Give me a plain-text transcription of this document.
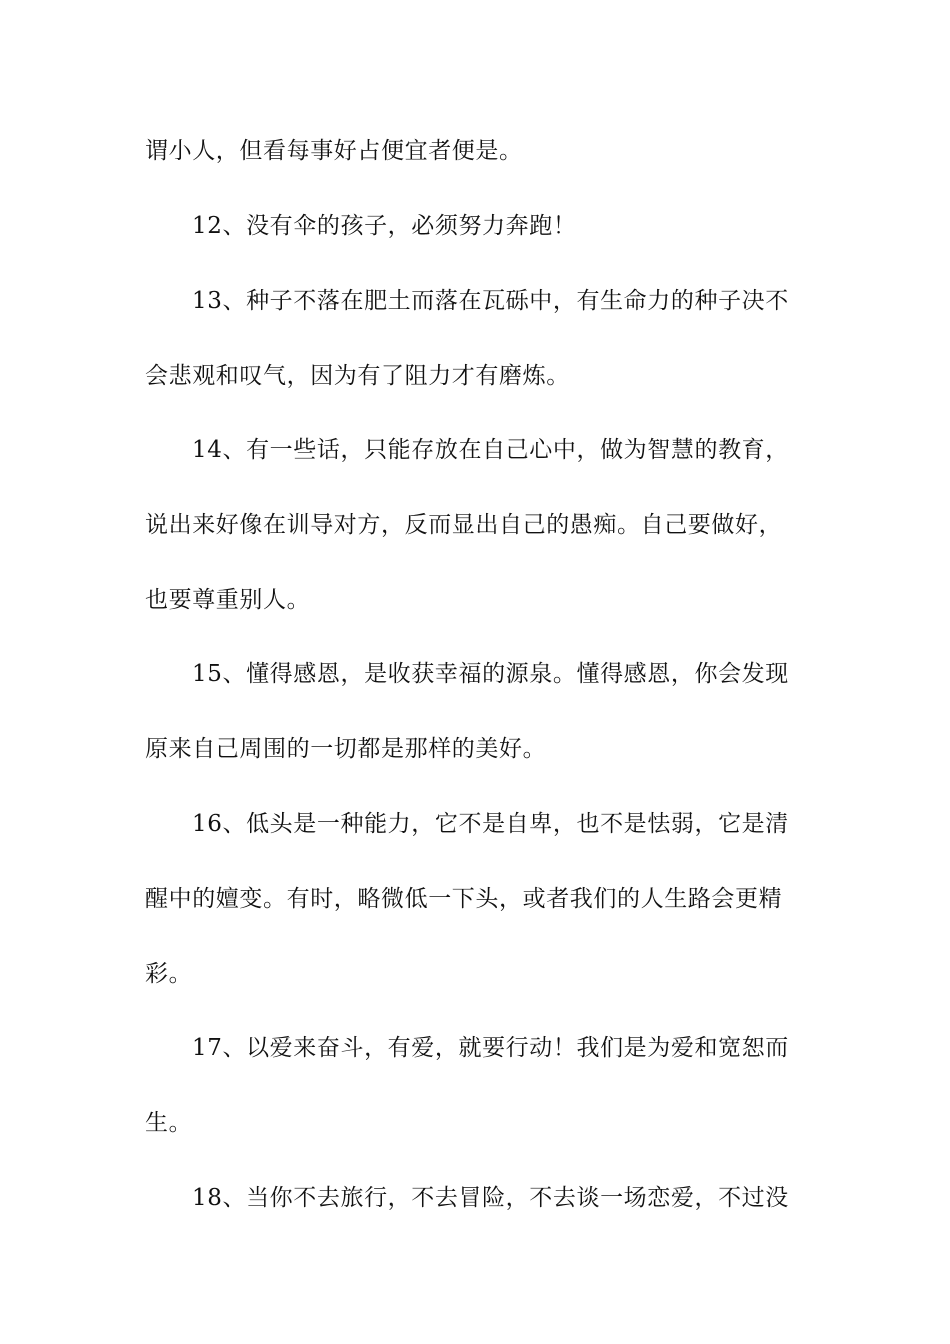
谓小人，但看每事好占便宜者便是。
12、没有伞的孩子，必须努力奔跑！
13、种子不落在肥土而落在瓦砾中，有生命力的种子决不
会悲观和叹气，因为有了阻力才有磨炼。
14、有一些话，只能存放在自己心中，做为智慧的教育，
说出来好像在训导对方，反而显出自己的愚痴。自己要做好，
也要尊重别人。
15、懂得感恩，是收获幸福的源泉。懂得感恩，你会发现
原来自己周围的一切都是那样的美好。
16、低头是一种能力，它不是自卑，也不是怯弱，它是清
醒中的嬗变。有时，略微低一下头，或者我们的人生路会更精
彩。
17、以爱来奋斗，有爱，就要行动！我们是为爱和宽恕而
生。
18、当你不去旅行，不去冒险，不去谈一场恋爱，不过没
